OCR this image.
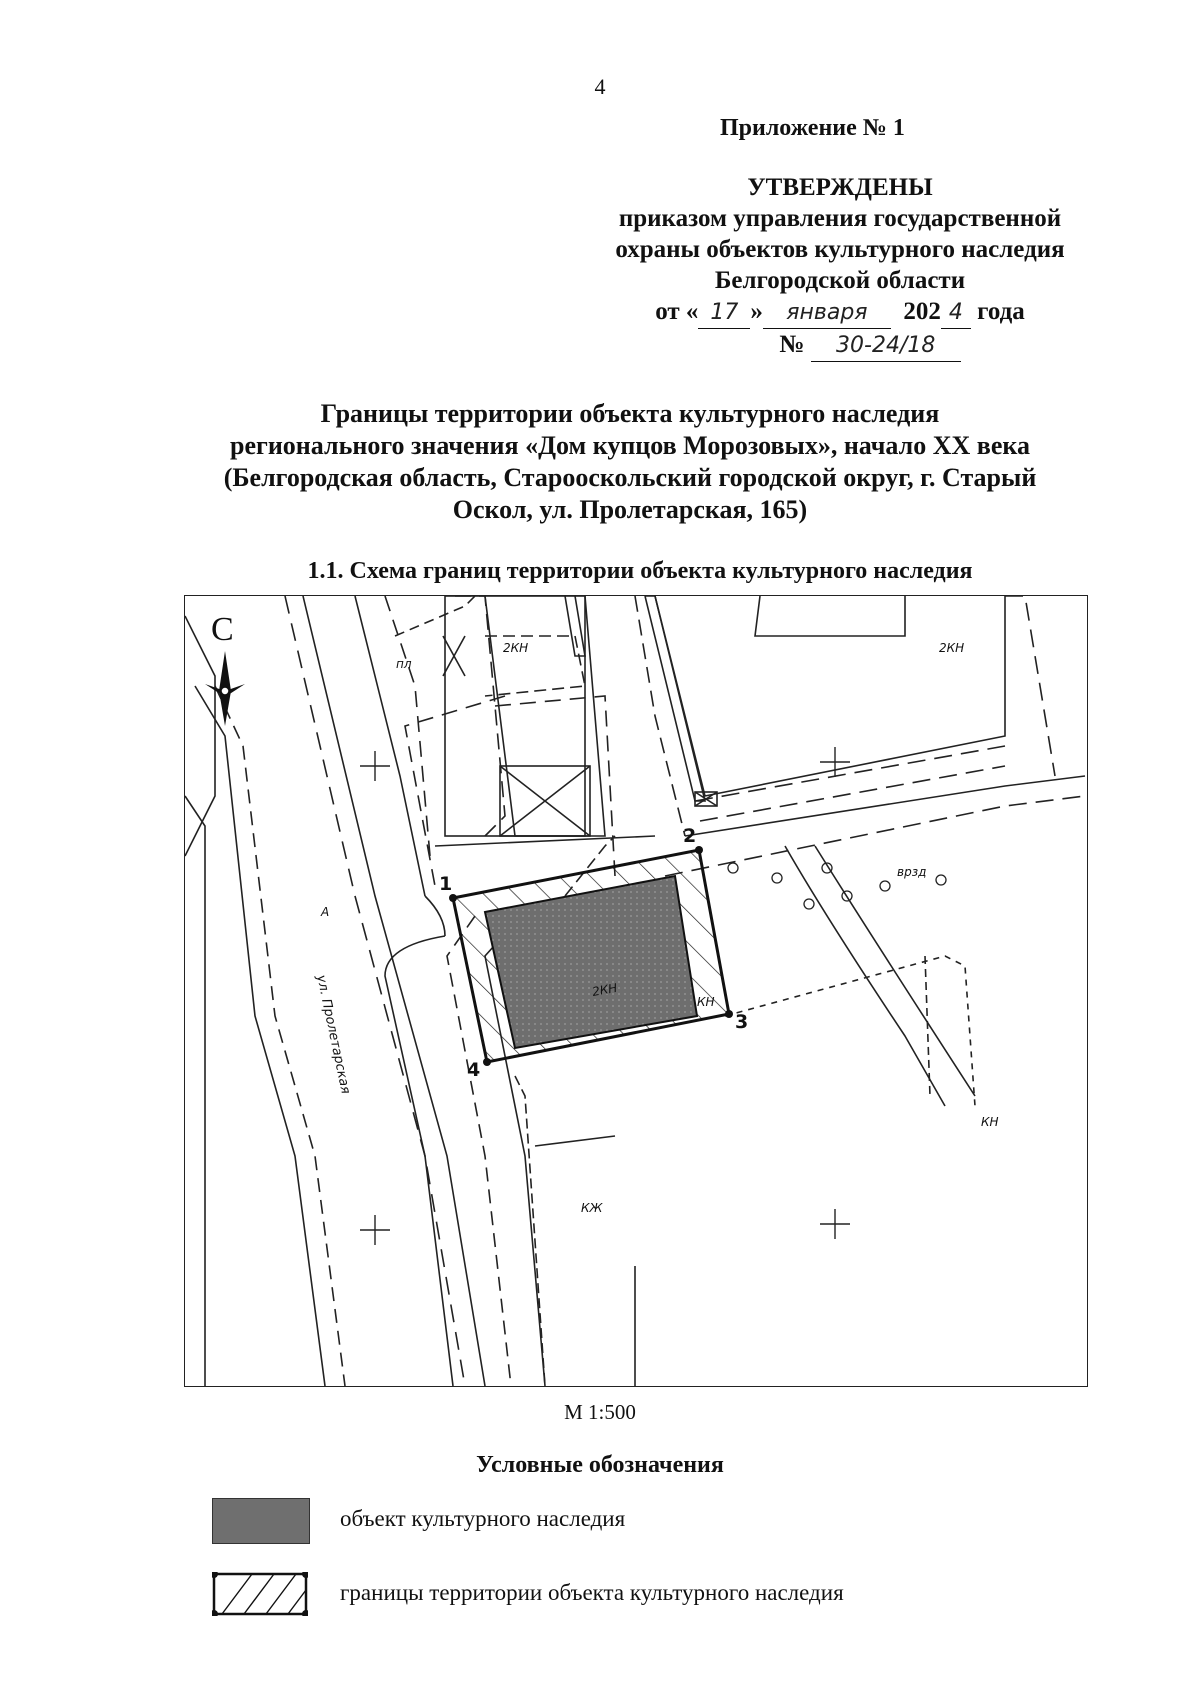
4
Приложение № 1
УТВЕРЖДЕНЫ
приказом управления государственной
охраны объектов культурного наследия
Белгородской области
от « 17 » января 202 4 года
№ 30-24/18
Границы территории объекта культурного наследия
регионального значения «Дом купцов Морозовых», начало XX века
(Белгородская область, Старооскольский городской округ, г. Старый
Оскол, ул. Пролетарская, 165)
1.1. Схема границ территории объекта культурного наследия
С
пл
2КН	2КН
2КН
КН
КН
КЖ
А
врзд
ул. Пролетарская
1
2
3
4
М 1:500
Условные обозначения
объект культурного наследия
границы территории объекта культурного наследия
